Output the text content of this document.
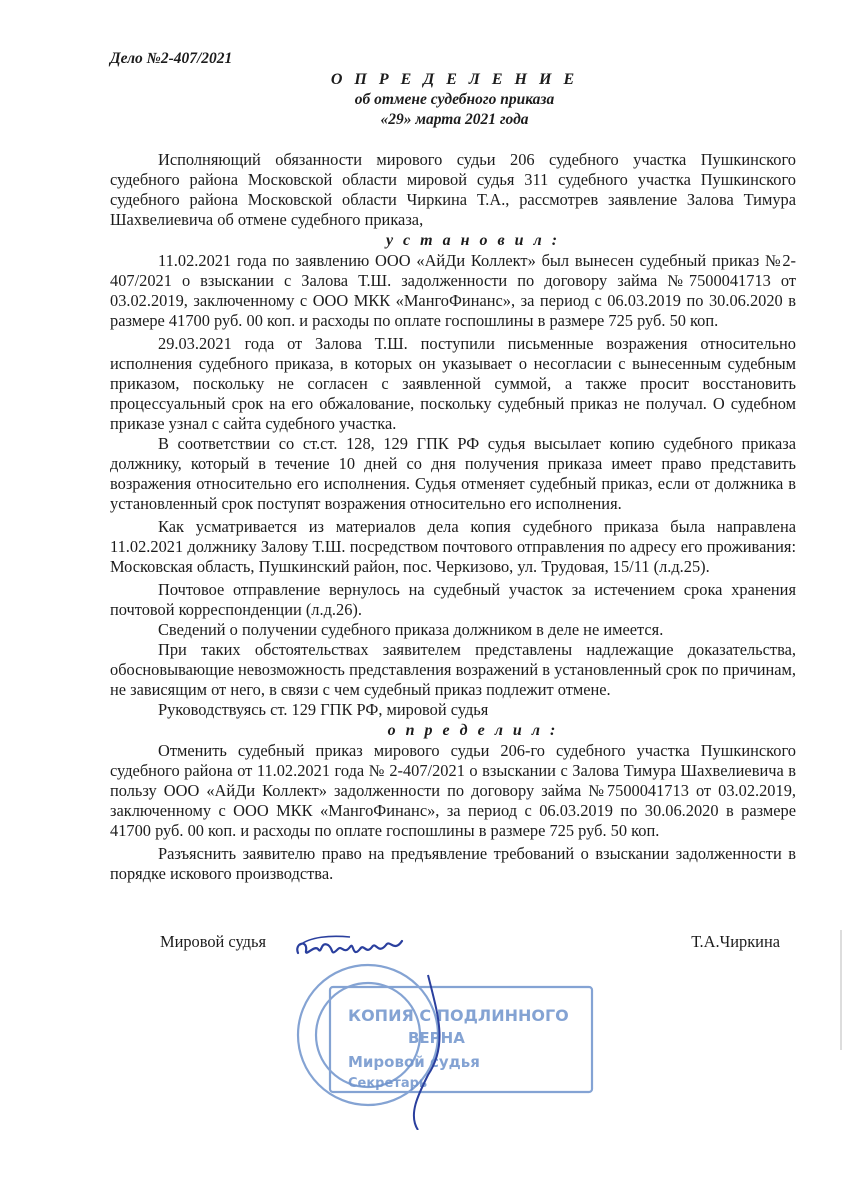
Дело №2-407/2021
О П Р Е Д Е Л Е Н И Е
об отмене судебного приказа
«29» марта 2021 года

Исполняющий обязанности мирового судьи 206 судебного участка Пушкинского судебного района Московской области мировой судья 311 судебного участка Пушкинского судебного района Московской области Чиркина Т.А., рассмотрев заявление Залова Тимура Шахвелиевича об отмене судебного приказа,

у с т а н о в и л :

11.02.2021 года по заявлению ООО «АйДи Коллект» был вынесен судебный приказ №2-407/2021 о взыскании с Залова Т.Ш. задолженности по договору займа №7500041713 от 03.02.2019, заключенному с ООО МКК «МангоФинанс», за период с 06.03.2019 по 30.06.2020 в размере 41700 руб. 00 коп. и расходы по оплате госпошлины в размере 725 руб. 50 коп.

29.03.2021 года от Залова Т.Ш. поступили письменные возражения относительно исполнения судебного приказа, в которых он указывает о несогласии с вынесенным судебным приказом, поскольку не согласен с заявленной суммой, а также просит восстановить процессуальный срок на его обжалование, поскольку судебный приказ не получал. О судебном приказе узнал с сайта судебного участка.

В соответствии со ст.ст. 128, 129 ГПК РФ судья высылает копию судебного приказа должнику, который в течение 10 дней со дня получения приказа имеет право представить возражения относительно его исполнения. Судья отменяет судебный приказ, если от должника в установленный срок поступят возражения относительно его исполнения.

Как усматривается из материалов дела копия судебного приказа была направлена 11.02.2021 должнику Залову Т.Ш. посредством почтового отправления по адресу его проживания: Московская область, Пушкинский район, пос. Черкизово, ул. Трудовая, 15/11 (л.д.25).

Почтовое отправление вернулось на судебный участок за истечением срока хранения почтовой корреспонденции (л.д.26).

Сведений о получении судебного приказа должником в деле не имеется.

При таких обстоятельствах заявителем представлены надлежащие доказательства, обосновывающие невозможность представления возражений в установленный срок по причинам, не зависящим от него, в связи с чем судебный приказ подлежит отмене.

Руководствуясь ст. 129 ГПК РФ, мировой судья

о п р е д е л и л :

Отменить судебный приказ мирового судьи 206-го судебного участка Пушкинского судебного района от 11.02.2021 года № 2-407/2021 о взыскании с Залова Тимура Шахвелиевича в пользу ООО «АйДи Коллект» задолженности по договору займа №7500041713 от 03.02.2019, заключенному с ООО МКК «МангоФинанс», за период с 06.03.2019 по 30.06.2020 в размере 41700 руб. 00 коп. и расходы по оплате госпошлины в размере 725 руб. 50 коп.

Разъяснить заявителю право на предъявление требований о взыскании задолженности в порядке искового производства.

Мировой судья	Т.А.Чиркина
КОПИЯ С ПОДЛИННОГО
ВЕРНА
Мировой судья
Секретарь
